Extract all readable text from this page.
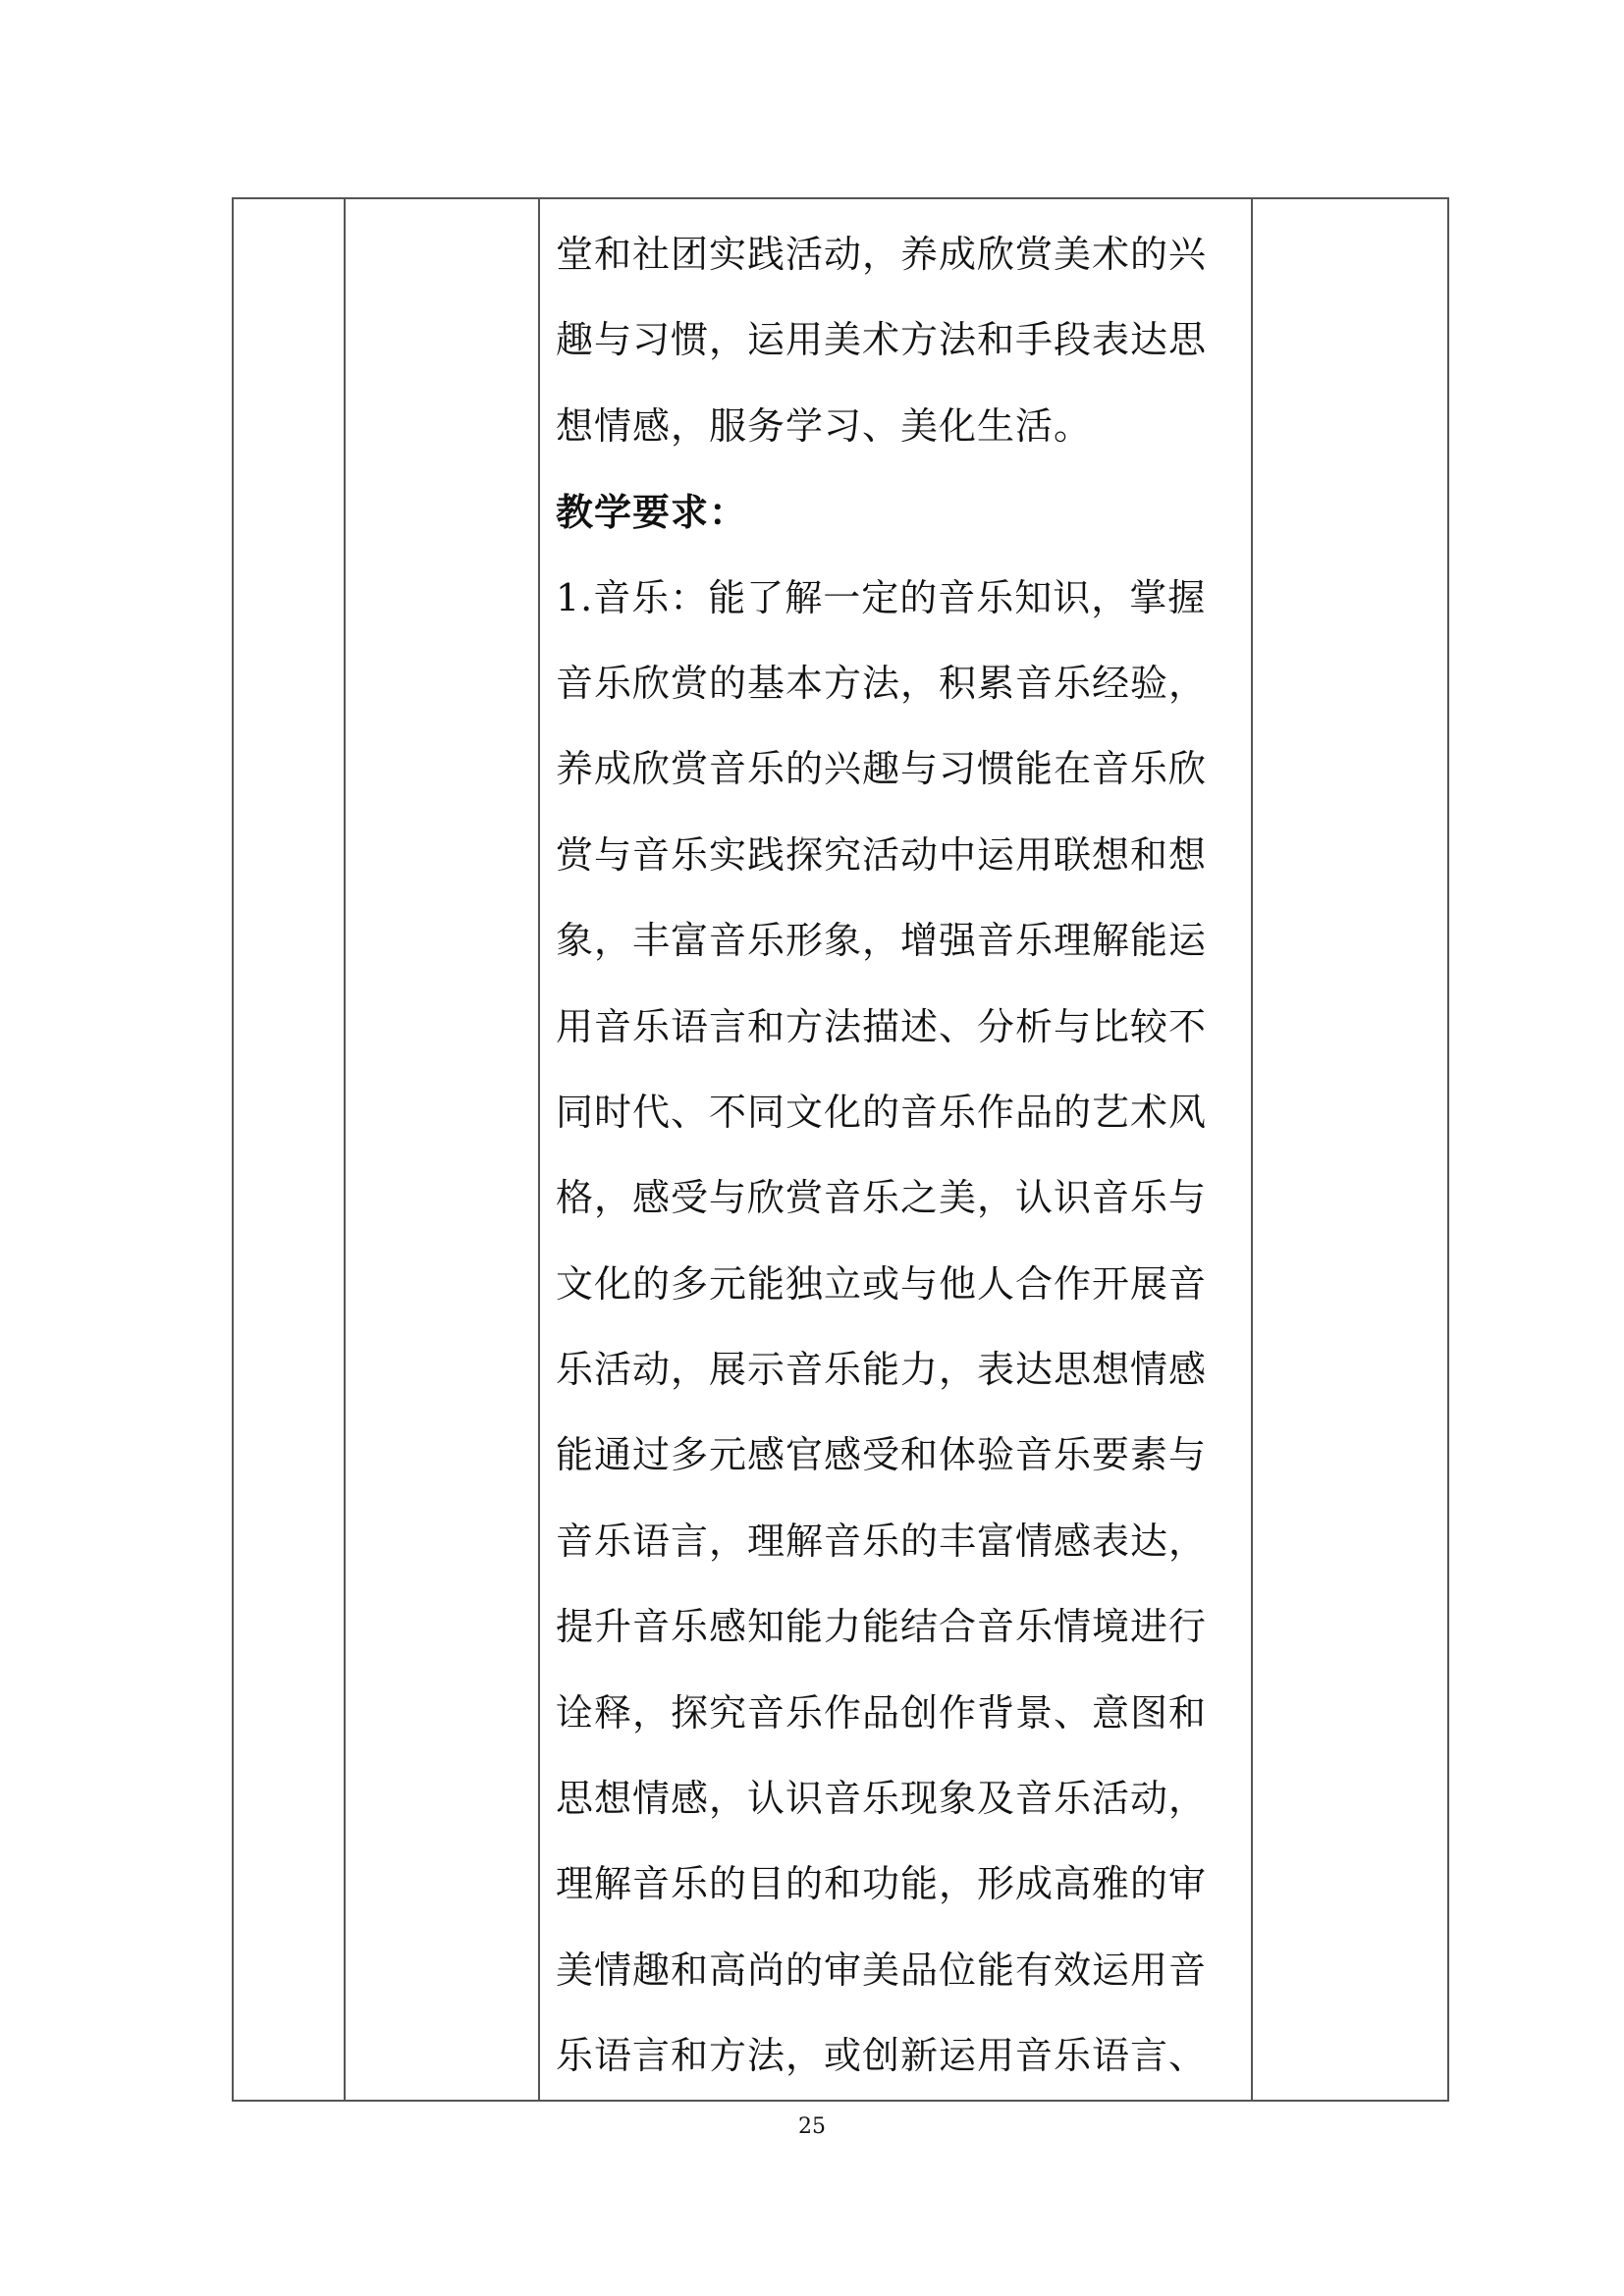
堂和社团实践活动，养成欣赏美术的兴
趣与习惯，运用美术方法和手段表达思
想情感，服务学习、美化生活。
教学要求：
1.音乐：能了解一定的音乐知识，掌握
音乐欣赏的基本方法，积累音乐经验，
养成欣赏音乐的兴趣与习惯能在音乐欣
赏与音乐实践探究活动中运用联想和想
象，丰富音乐形象，增强音乐理解能运
用音乐语言和方法描述、分析与比较不
同时代、不同文化的音乐作品的艺术风
格，感受与欣赏音乐之美，认识音乐与
文化的多元能独立或与他人合作开展音
乐活动，展示音乐能力，表达思想情感
能通过多元感官感受和体验音乐要素与
音乐语言，理解音乐的丰富情感表达，
提升音乐感知能力能结合音乐情境进行
诠释，探究音乐作品创作背景、意图和
思想情感，认识音乐现象及音乐活动，
理解音乐的目的和功能，形成高雅的审
美情趣和高尚的审美品位能有效运用音
乐语言和方法，或创新运用音乐语言、

25
